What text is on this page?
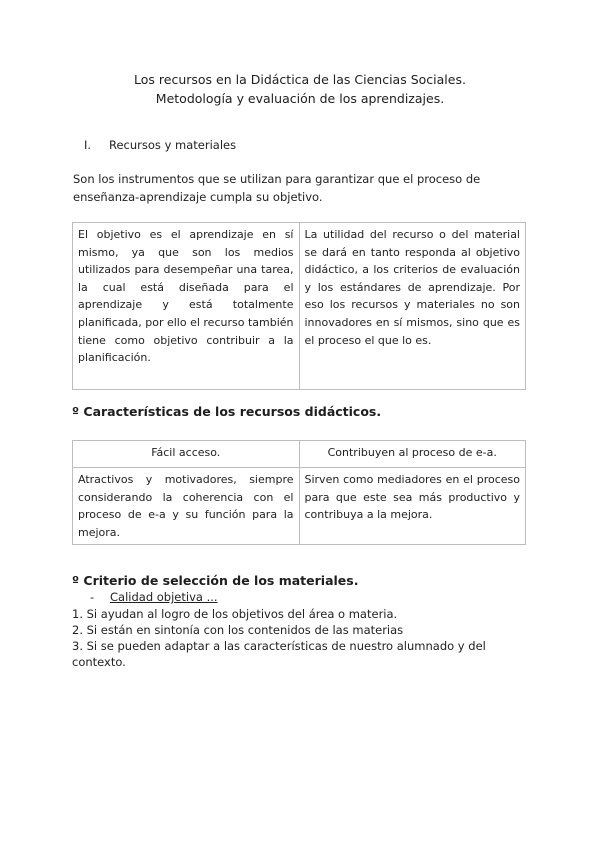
Los recursos en la Didáctica de las Ciencias Sociales.
Metodología y evaluación de los aprendizajes.
I. Recursos y materiales
Son los instrumentos que se utilizan para garantizar que el proceso de enseñanza-aprendizaje cumpla su objetivo.
El objetivo es el aprendizaje en sí mismo, ya que son los medios utilizados para desempeñar una tarea, la cual está diseñada para el aprendizaje y está totalmente planificada, por ello el recurso también tiene como objetivo contribuir a la planificación.	La utilidad del recurso o del material se dará en tanto responda al objetivo didáctico, a los criterios de evaluación y los estándares de aprendizaje. Por eso los recursos y materiales no son innovadores en sí mismos, sino que es el proceso el que lo es.
º Características de los recursos didácticos.
Fácil acceso.	Contribuyen al proceso de e-a.
Atractivos y motivadores, siempre considerando la coherencia con el proceso de e-a y su función para la mejora.	Sirven como mediadores en el proceso para que este sea más productivo y contribuya a la mejora.
º Criterio de selección de los materiales.
- Calidad objetiva ...
1. Si ayudan al logro de los objetivos del área o materia.
2. Si están en sintonía con los contenidos de las materias
3. Si se pueden adaptar a las características de nuestro alumnado y del contexto.
